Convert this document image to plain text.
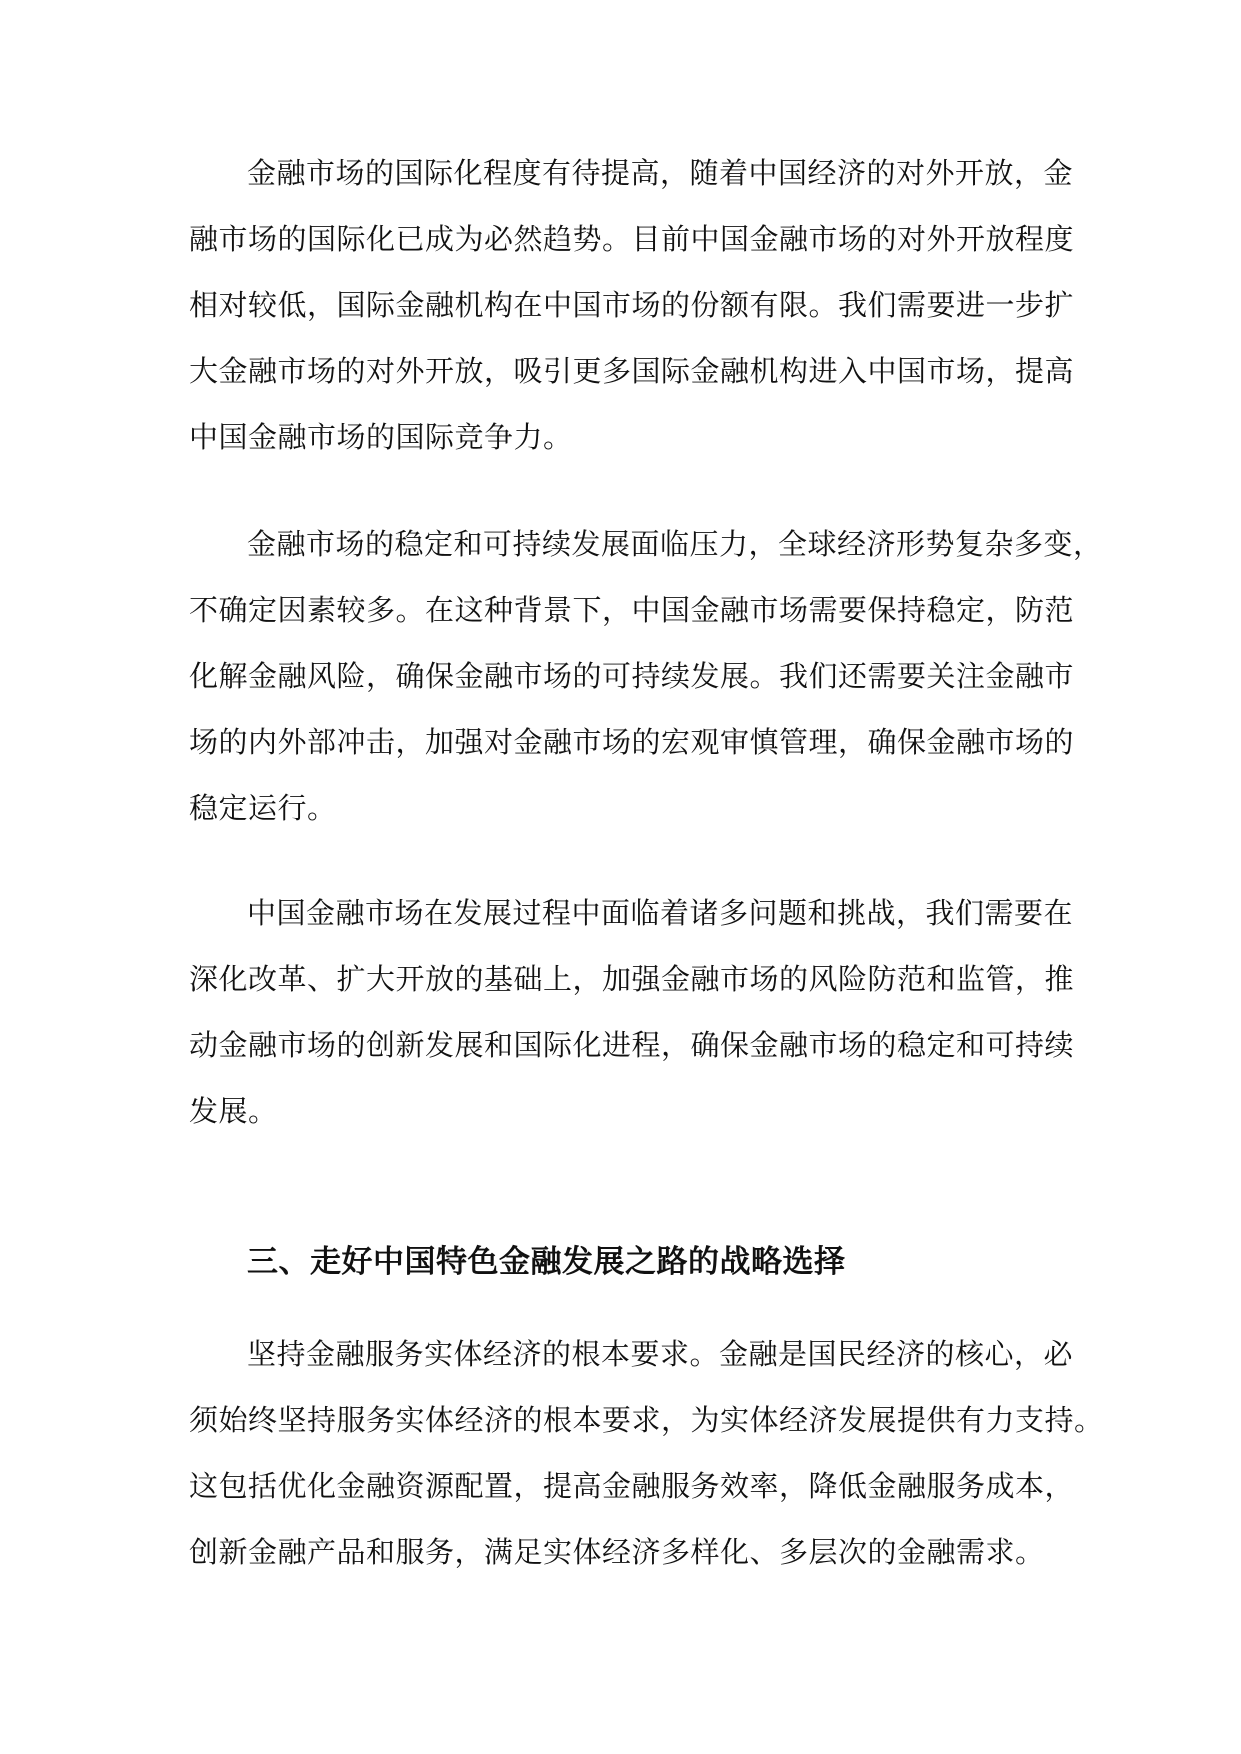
金融市场的国际化程度有待提高，随着中国经济的对外开放，金
融市场的国际化已成为必然趋势。目前中国金融市场的对外开放程度
相对较低，国际金融机构在中国市场的份额有限。我们需要进一步扩
大金融市场的对外开放，吸引更多国际金融机构进入中国市场，提高
中国金融市场的国际竞争力。
金融市场的稳定和可持续发展面临压力，全球经济形势复杂多变，
不确定因素较多。在这种背景下，中国金融市场需要保持稳定，防范
化解金融风险，确保金融市场的可持续发展。我们还需要关注金融市
场的内外部冲击，加强对金融市场的宏观审慎管理，确保金融市场的
稳定运行。
中国金融市场在发展过程中面临着诸多问题和挑战，我们需要在
深化改革、扩大开放的基础上，加强金融市场的风险防范和监管，推
动金融市场的创新发展和国际化进程，确保金融市场的稳定和可持续
发展。
三、走好中国特色金融发展之路的战略选择
坚持金融服务实体经济的根本要求。金融是国民经济的核心，必
须始终坚持服务实体经济的根本要求，为实体经济发展提供有力支持。
这包括优化金融资源配置，提高金融服务效率，降低金融服务成本，
创新金融产品和服务，满足实体经济多样化、多层次的金融需求。
